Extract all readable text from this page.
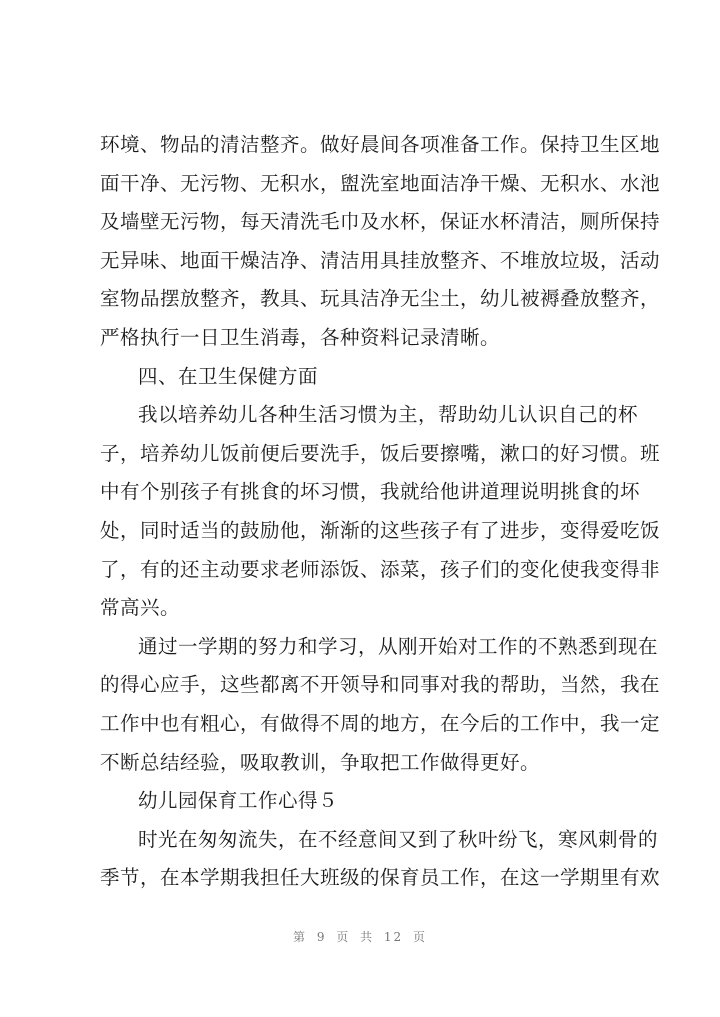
环境、物品的清洁整齐。做好晨间各项准备工作。保持卫生区地
面干净、无污物、无积水，盥洗室地面洁净干燥、无积水、水池
及墙壁无污物，每天清洗毛巾及水杯，保证水杯清洁，厕所保持
无异味、地面干燥洁净、清洁用具挂放整齐、不堆放垃圾，活动
室物品摆放整齐，教具、玩具洁净无尘土，幼儿被褥叠放整齐，
严格执行一日卫生消毒，各种资料记录清晰。
四、在卫生保健方面
我以培养幼儿各种生活习惯为主，帮助幼儿认识自己的杯
子，培养幼儿饭前便后要洗手，饭后要擦嘴，漱口的好习惯。班
中有个别孩子有挑食的坏习惯，我就给他讲道理说明挑食的坏
处，同时适当的鼓励他，渐渐的这些孩子有了进步，变得爱吃饭
了，有的还主动要求老师添饭、添菜，孩子们的变化使我变得非
常高兴。
通过一学期的努力和学习，从刚开始对工作的不熟悉到现在
的得心应手，这些都离不开领导和同事对我的帮助，当然，我在
工作中也有粗心，有做得不周的地方，在今后的工作中，我一定
不断总结经验，吸取教训，争取把工作做得更好。
幼儿园保育工作心得５
时光在匆匆流失，在不经意间又到了秋叶纷飞，寒风刺骨的
季节，在本学期我担任大班级的保育员工作，在这一学期里有欢
第 9 页 共 12 页
